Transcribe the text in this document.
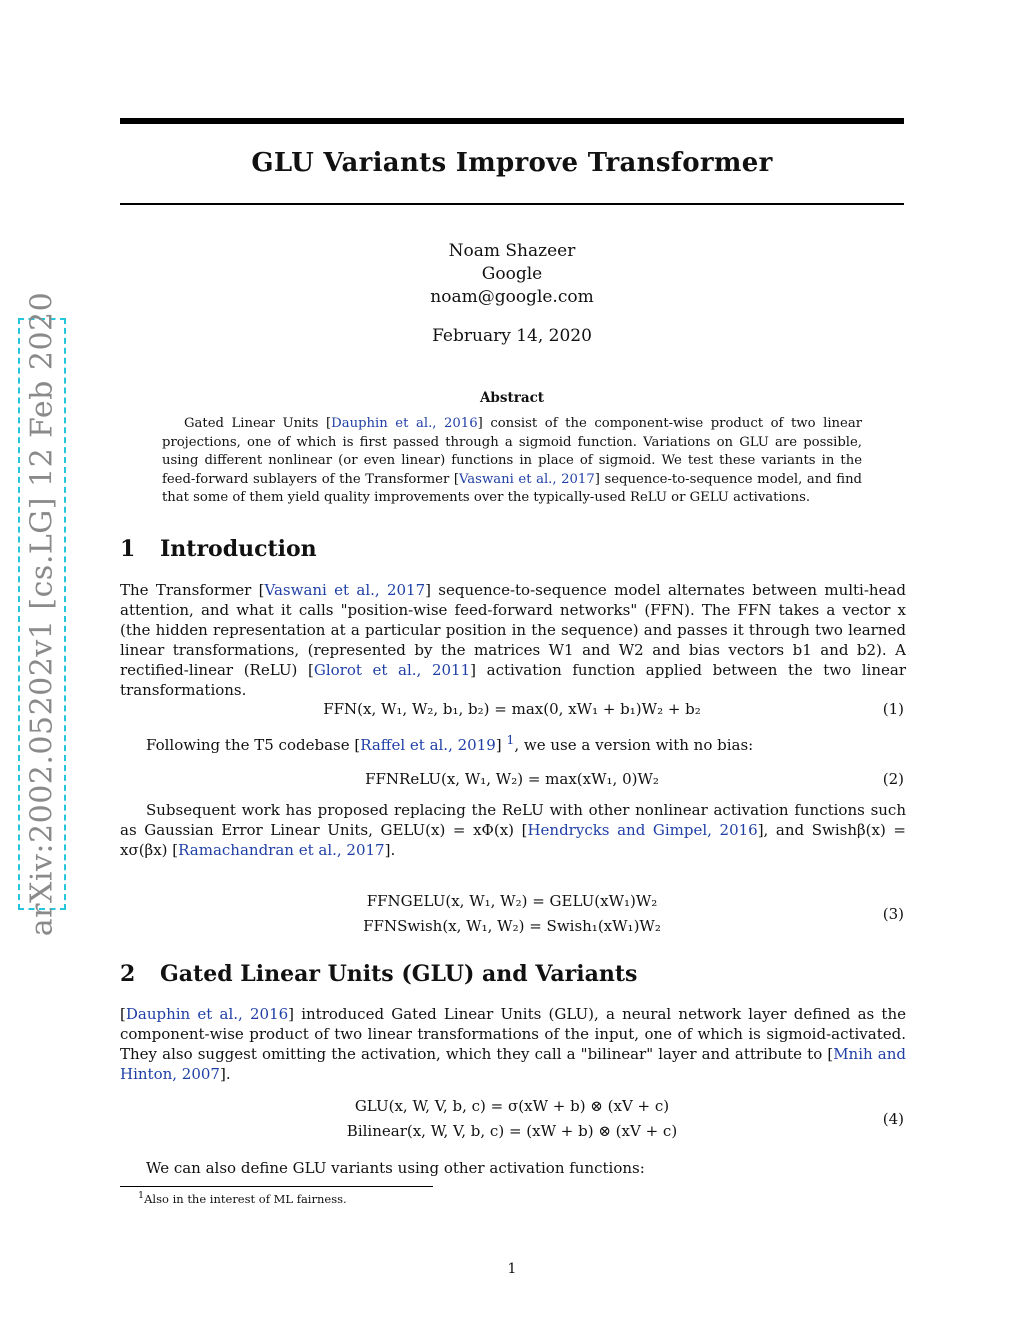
arXiv:2002.05202v1 [cs.LG] 12 Feb 2020
GLU Variants Improve Transformer
Noam Shazeer
Google
noam@google.com
February 14, 2020
Abstract
Gated Linear Units [Dauphin et al., 2016] consist of the component-wise product of two linear projections, one of which is first passed through a sigmoid function. Variations on GLU are possible, using different nonlinear (or even linear) functions in place of sigmoid. We test these variants in the feed-forward sublayers of the Transformer [Vaswani et al., 2017] sequence-to-sequence model, and find that some of them yield quality improvements over the typically-used ReLU or GELU activations.
1 Introduction
The Transformer [Vaswani et al., 2017] sequence-to-sequence model alternates between multi-head attention, and what it calls "position-wise feed-forward networks" (FFN). The FFN takes a vector x (the hidden representation at a particular position in the sequence) and passes it through two learned linear transformations, (represented by the matrices W1 and W2 and bias vectors b1 and b2). A rectified-linear (ReLU) [Glorot et al., 2011] activation function applied between the two linear transformations.
FFN(x, W₁, W₂, b₁, b₂) = max(0, xW₁ + b₁)W₂ + b₂	(1)
Following the T5 codebase [Raffel et al., 2019] $^1$, we use a version with no bias:
FFNReLU(x, W₁, W₂) = max(xW₁, 0)W₂	(2)
Subsequent work has proposed replacing the ReLU with other nonlinear activation functions such as Gaussian Error Linear Units, GELU(x) = xΦ(x) [Hendrycks and Gimpel, 2016], and Swishβ(x) = xσ(βx) [Ramachandran et al., 2017].
FFNGELU(x, W₁, W₂) = GELU(xW₁)W₂
FFNSwish(x, W₁, W₂) = Swish₁(xW₁)W₂
(3)
2 Gated Linear Units (GLU) and Variants
[Dauphin et al., 2016] introduced Gated Linear Units (GLU), a neural network layer defined as the component-wise product of two linear transformations of the input, one of which is sigmoid-activated. They also suggest omitting the activation, which they call a "bilinear" layer and attribute to [Mnih and Hinton, 2007].
GLU(x, W, V, b, c) = σ(xW + b) ⊗ (xV + c)
Bilinear(x, W, V, b, c) = (xW + b) ⊗ (xV + c)
(4)
We can also define GLU variants using other activation functions:
$^1$Also in the interest of ML fairness.
1
